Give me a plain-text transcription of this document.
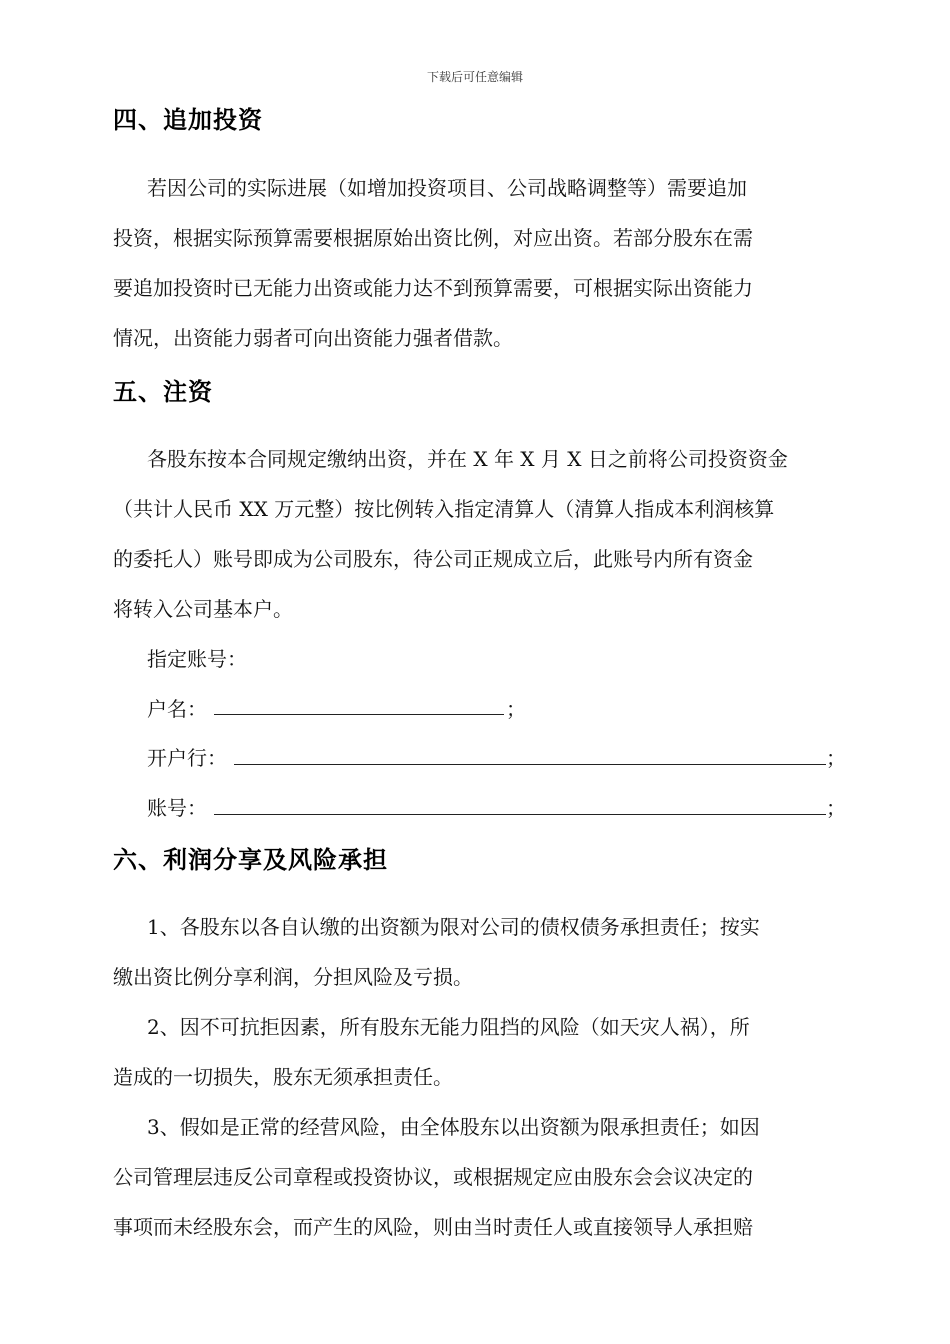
下载后可任意编辑
四、追加投资
若因公司的实际进展（如增加投资项目、公司战略调整等）需要追加
投资，根据实际预算需要根据原始出资比例，对应出资。若部分股东在需
要追加投资时已无能力出资或能力达不到预算需要，可根据实际出资能力
情况，出资能力弱者可向出资能力强者借款。
五、注资
各股东按本合同规定缴纳出资，并在 X 年 X 月 X 日之前将公司投资资金
（共计人民币 XX 万元整）按比例转入指定清算人（清算人指成本利润核算
的委托人）账号即成为公司股东，待公司正规成立后，此账号内所有资金
将转入公司基本户。
指定账号：
户名：	；
开户行：	；
账号：	；
六、利润分享及风险承担
1、各股东以各自认缴的出资额为限对公司的债权债务承担责任；按实
缴出资比例分享利润，分担风险及亏损。
2、因不可抗拒因素，所有股东无能力阻挡的风险（如天灾人祸），所
造成的一切损失，股东无须承担责任。
3、假如是正常的经营风险，由全体股东以出资额为限承担责任；如因
公司管理层违反公司章程或投资协议，或根据规定应由股东会会议决定的
事项而未经股东会，而产生的风险，则由当时责任人或直接领导人承担赔
